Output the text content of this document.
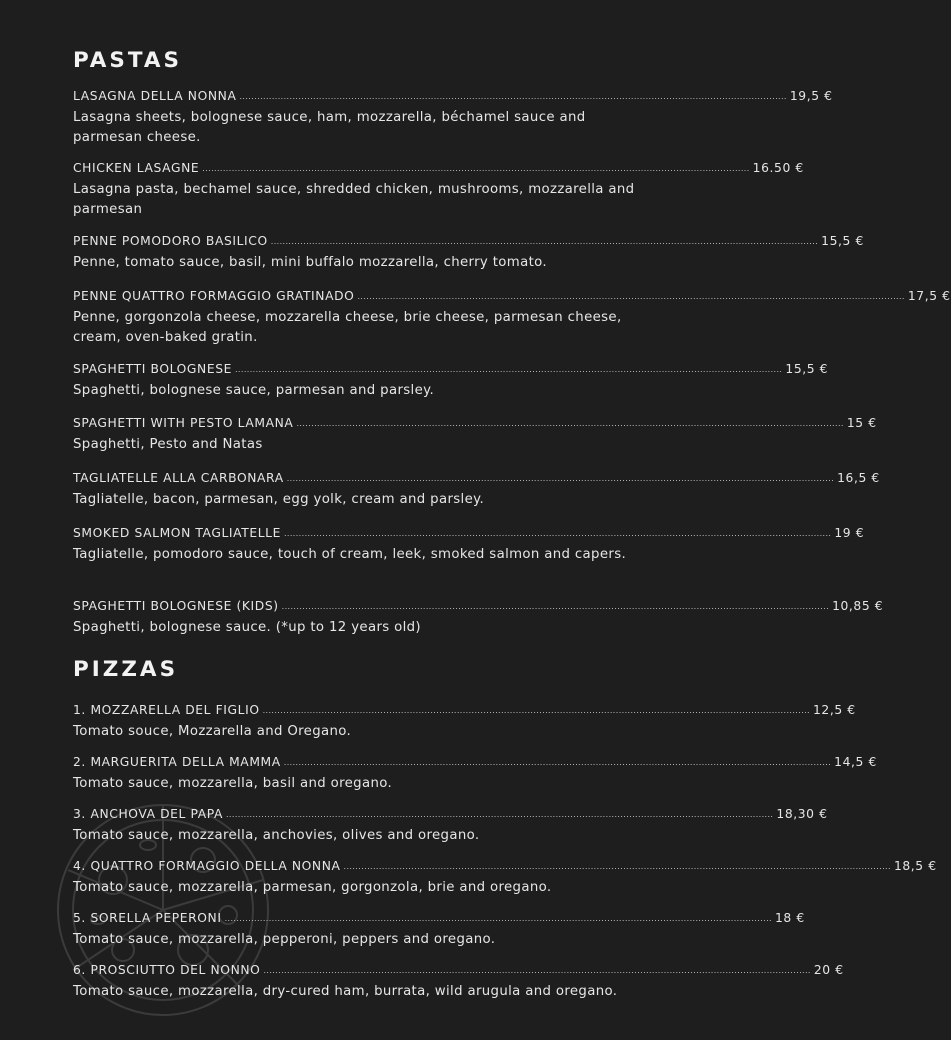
PASTAS
LASAGNA DELLA NONNA .......................................................................................................................................................................................... 19,5 €
Lasagna sheets, bolognese sauce, ham, mozzarella, béchamel sauce and parmesan cheese.
CHICKEN LASAGNE .......................................................................................................................................................................................... 16.50 €
Lasagna pasta, bechamel sauce, shredded chicken, mushrooms, mozzarella and parmesan
PENNE POMODORO BASILICO .......................................................................................................................................................................................... 15,5 €
Penne, tomato sauce, basil, mini buffalo mozzarella, cherry tomato.
PENNE QUATTRO FORMAGGIO GRATINADO .......................................................................................................................................................................................... 17,5 €
Penne, gorgonzola cheese, mozzarella cheese, brie cheese, parmesan cheese, cream, oven-baked gratin.
SPAGHETTI BOLOGNESE .......................................................................................................................................................................................... 15,5 €
Spaghetti, bolognese sauce, parmesan and parsley.
SPAGHETTI WITH PESTO LAMANA .......................................................................................................................................................................................... 15 €
Spaghetti, Pesto and Natas
TAGLIATELLE ALLA CARBONARA .......................................................................................................................................................................................... 16,5 €
Tagliatelle, bacon, parmesan, egg yolk, cream and parsley.
SMOKED SALMON TAGLIATELLE .......................................................................................................................................................................................... 19 €
Tagliatelle, pomodoro sauce, touch of cream, leek, smoked salmon and capers.
SPAGHETTI BOLOGNESE (KIDS) .......................................................................................................................................................................................... 10,85 €
Spaghetti, bolognese sauce. (*up to 12 years old)
PIZZAS
1. MOZZARELLA DEL FIGLIO .......................................................................................................................................................................................... 12,5 €
Tomato souce, Mozzarella and Oregano.
2. MARGUERITA DELLA MAMMA .......................................................................................................................................................................................... 14,5 €
Tomato sauce, mozzarella, basil and oregano.
3. ANCHOVA DEL PAPA .......................................................................................................................................................................................... 18,30 €
Tomato sauce, mozzarella, anchovies, olives and oregano.
4. QUATTRO FORMAGGIO DELLA NONNA .......................................................................................................................................................................................... 18,5 €
Tomato sauce, mozzarella, parmesan, gorgonzola, brie and oregano.
5. SORELLA PEPERONI .......................................................................................................................................................................................... 18 €
Tomato sauce, mozzarella, pepperoni, peppers and oregano.
6. PROSCIUTTO DEL NONNO .......................................................................................................................................................................................... 20 €
Tomato sauce, mozzarella, dry-cured ham, burrata, wild arugula and oregano.
